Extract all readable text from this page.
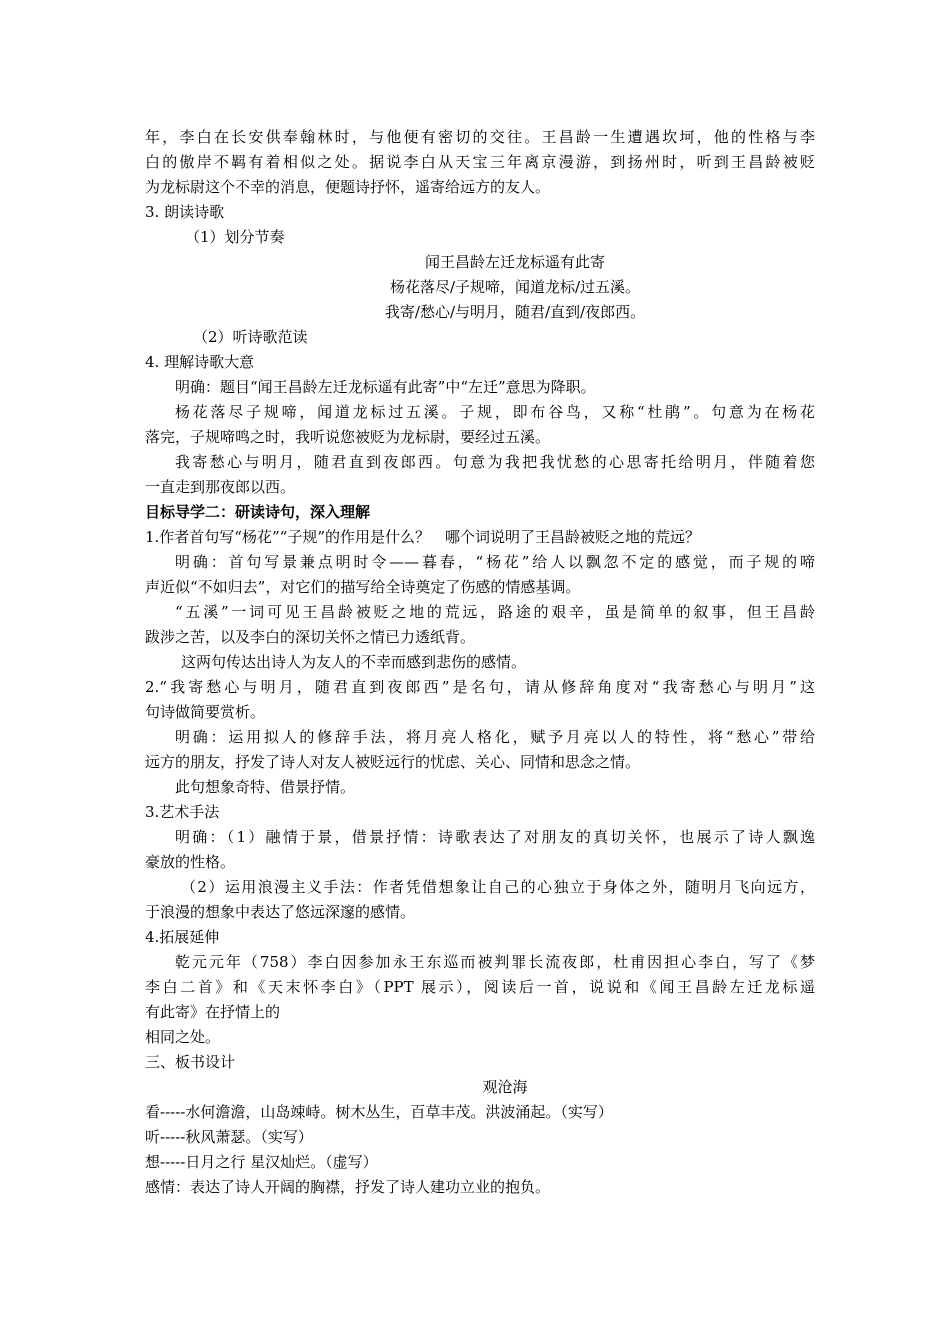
年，李白在长安供奉翰林时，与他便有密切的交往。王昌龄一生遭遇坎坷，他的性格与李
白的傲岸不羁有着相似之处。据说李白从天宝三年离京漫游，到扬州时，听到王昌龄被贬
为龙标尉这个不幸的消息，便题诗抒怀，遥寄给远方的友人。
3. 朗读诗歌
（1）划分节奏
闻王昌龄左迁龙标遥有此寄
杨花落尽/子规啼，闻道龙标/过五溪。
我寄/愁心/与明月，随君/直到/夜郎西。
（2）听诗歌范读
4. 理解诗歌大意
明确：题目“闻王昌龄左迁龙标遥有此寄”中“左迁”意思为降职。
杨花落尽子规啼，闻道龙标过五溪。子规，即布谷鸟，又称“杜鹃”。句意为在杨花
落完，子规啼鸣之时，我听说您被贬为龙标尉，要经过五溪。
我寄愁心与明月，随君直到夜郎西。句意为我把我忧愁的心思寄托给明月，伴随着您
一直走到那夜郎以西。
目标导学二：研读诗句，深入理解
1.作者首句写“杨花”“子规”的作用是什么？　哪个词说明了王昌龄被贬之地的荒远？
明确：首句写景兼点明时令——暮春，“杨花”给人以飘忽不定的感觉，而子规的啼
声近似“不如归去”，对它们的描写给全诗奠定了伤感的情感基调。
“五溪”一词可见王昌龄被贬之地的荒远，路途的艰辛，虽是简单的叙事，但王昌龄
跋涉之苦，以及李白的深切关怀之情已力透纸背。
这两句传达出诗人为友人的不幸而感到悲伤的感情。
2.“我寄愁心与明月，随君直到夜郎西”是名句，请从修辞角度对“我寄愁心与明月”这
句诗做简要赏析。
明确：运用拟人的修辞手法，将月亮人格化，赋予月亮以人的特性，将“愁心”带给
远方的朋友，抒发了诗人对友人被贬远行的忧虑、关心、同情和思念之情。
此句想象奇特、借景抒情。
3.艺术手法
明确：（1）融情于景，借景抒情：诗歌表达了对朋友的真切关怀，也展示了诗人飘逸
豪放的性格。
（2）运用浪漫主义手法：作者凭借想象让自己的心独立于身体之外，随明月飞向远方，
于浪漫的想象中表达了悠远深邃的感情。
4.拓展延伸
乾元元年（758）李白因参加永王东巡而被判罪长流夜郎，杜甫因担心李白，写了《梦
李白二首》和《天末怀李白》（PPT 展示），阅读后一首，说说和《闻王昌龄左迁龙标遥
有此寄》在抒情上的
相同之处。
三、板书设计
观沧海
看-----水何澹澹，山岛竦峙。树木丛生，百草丰茂。洪波涌起。（实写）
听-----秋风萧瑟。（实写）
想-----日月之行 星汉灿烂。（虚写）
感情：表达了诗人开阔的胸襟，抒发了诗人建功立业的抱负。
